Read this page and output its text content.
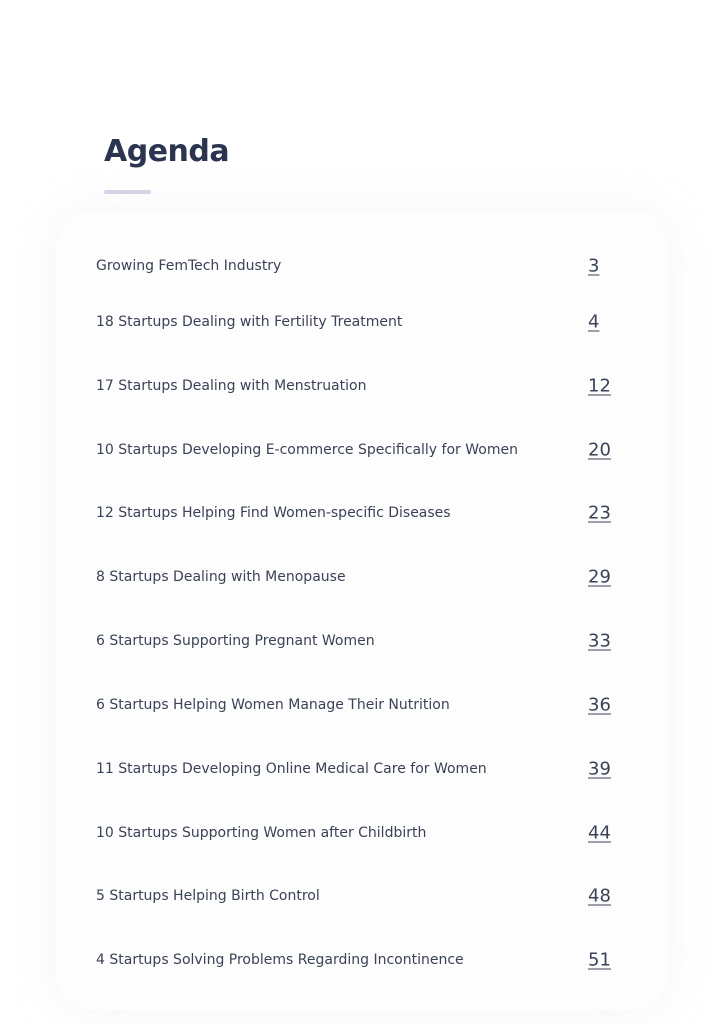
Agenda
Growing FemTech Industry	3
18 Startups Dealing with Fertility Treatment	4
17 Startups Dealing with Menstruation	12
10 Startups Developing E-commerce Specifically for Women	20
12 Startups Helping Find Women-specific Diseases	23
8 Startups Dealing with Menopause	29
6 Startups Supporting Pregnant Women	33
6 Startups Helping Women Manage Their Nutrition	36
11 Startups Developing Online Medical Care for Women	39
10 Startups Supporting Women after Childbirth	44
5 Startups Helping Birth Control	48
4 Startups Solving Problems Regarding Incontinence	51
